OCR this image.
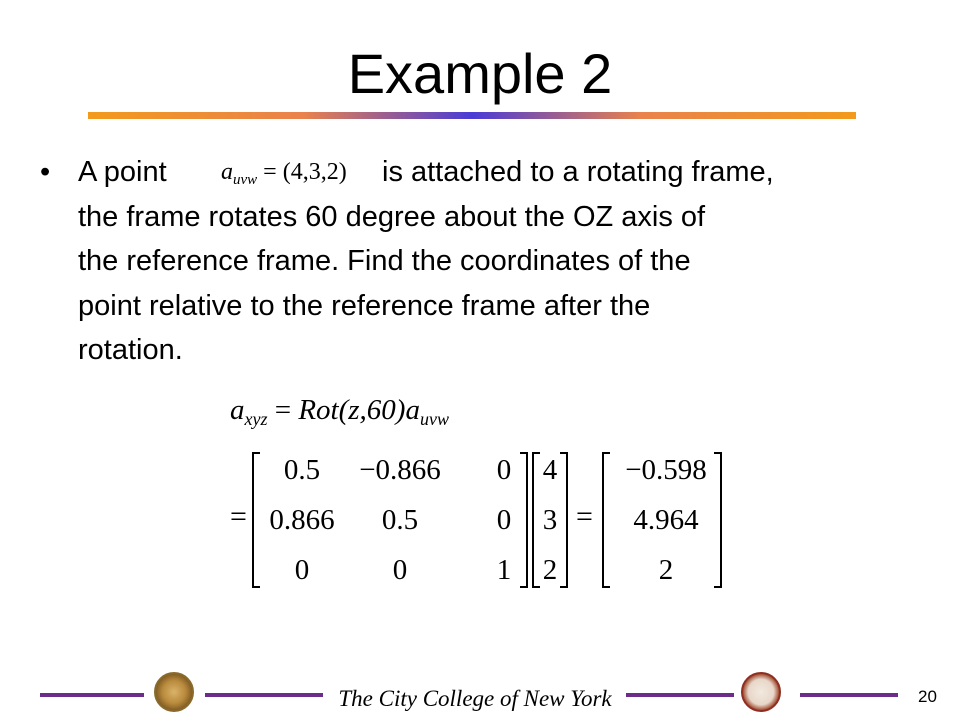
Example 2
• A point	is attached to a rotating frame,
the frame rotates 60 degree about the OZ axis of
the reference frame. Find the coordinates of the
point relative to the reference frame after the
rotation.
$a_{uvw} = (4,3,2)$
$a_{xyz} = Rot(z,60)a_{uvw}$
=
0.5	−0.866	0
0.866	0.5	0
0	0	1
4
3
2
=
−0.598
4.964
2
The City College of New York	20
